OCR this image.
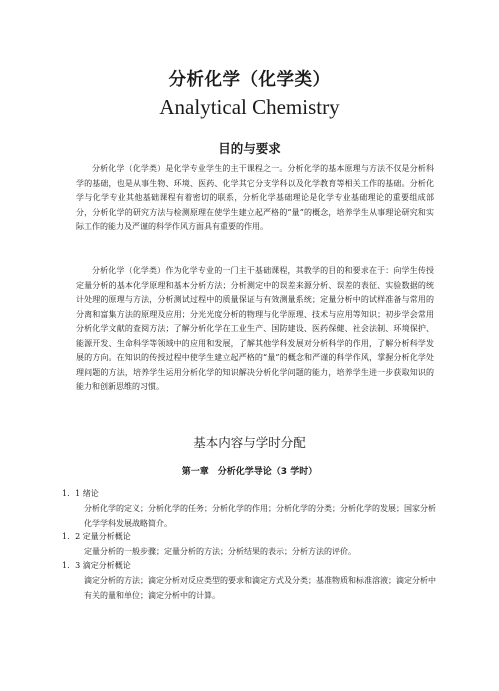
分析化学（化学类）
Analytical Chemistry
目的与要求

分析化学（化学类）是化学专业学生的主干课程之一。分析化学的基本原理与方法不仅是分析科学的基础，也是从事生物、环境、医药、化学其它分支学科以及化学教育等相关工作的基础。分析化学与化学专业其他基础课程有着密切的联系，分析化学基础理论是化学专业基础理论的重要组成部分，分析化学的研究方法与检测原理在使学生建立起严格的“量”的概念，培养学生从事理论研究和实际工作的能力及严谨的科学作风方面具有重要的作用。

分析化学（化学类）作为化学专业的一门主干基础课程，其教学的目的和要求在于：向学生传授定量分析的基本化学原理和基本分析方法；分析测定中的误差来源分析、误差的表征、实验数据的统计处理的原理与方法，分析测试过程中的质量保证与有效测量系统；定量分析中的试样准备与常用的分离和富集方法的原理及应用；分光光度分析的物理与化学原理、技术与应用等知识；初步学会常用分析化学文献的查阅方法；了解分析化学在工业生产、国防建设、医药保健、社会法制、环境保护、能源开发、生命科学等领域中的应用和发展，了解其他学科发展对分析科学的作用，了解分析科学发展的方向。在知识的传授过程中使学生建立起严格的“量”的概念和严谨的科学作风，掌握分析化学处理问题的方法，培养学生运用分析化学的知识解决分析化学问题的能力，培养学生进一步获取知识的能力和创新思维的习惯。

基本内容与学时分配
第一章　分析化学导论（3 学时）
1．1 绪论

分析化学的定义；分析化学的任务；分析化学的作用；分析化学的分类；分析化学的发展；国家分析化学学科发展战略简介。

1．2 定量分析概论

定量分析的一般步骤；定量分析的方法；分析结果的表示；分析方法的评价。

1．3 滴定分析概论

滴定分析的方法；滴定分析对反应类型的要求和滴定方式及分类；基准物质和标准溶液；滴定分析中有关的量和单位；滴定分析中的计算。
